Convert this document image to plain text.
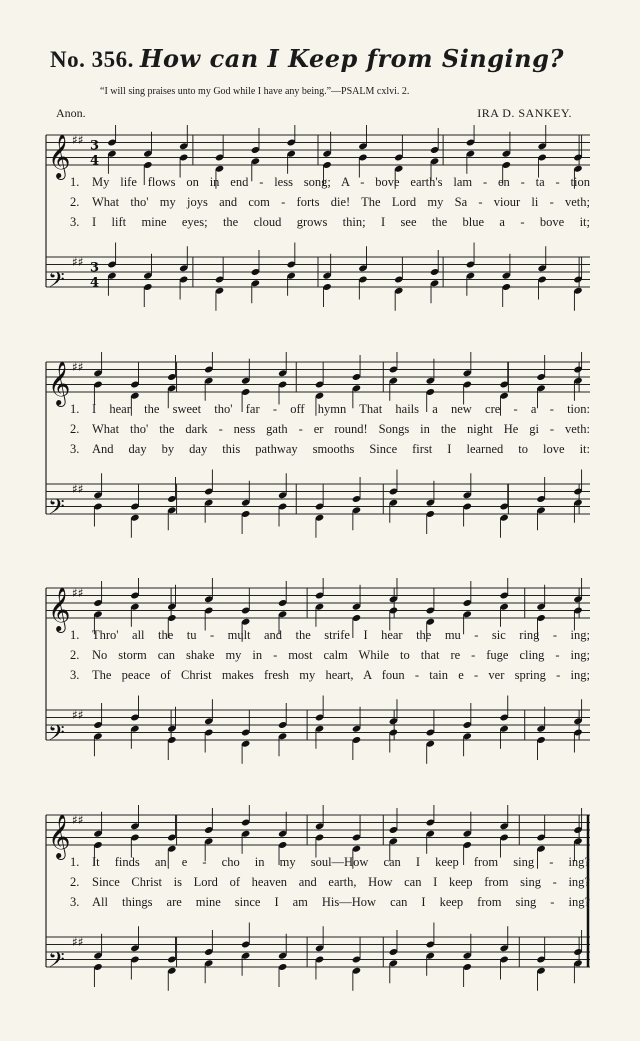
No. 356. How can I Keep from Singing?
“I will sing praises unto my God while I have any being.”—PSALM cxlvi. 2.
Anon.	IRA D. SANKEY.
𝄞 ♯♯ 3
4
𝄢
♯♯ 3
4
1.	My life flows on in end - less song; A - bove earth's lam - en - ta - tion
2.	What tho' my joys and com - forts die! The Lord my Sa - viour li - veth;
3.	I lift mine eyes; the cloud grows thin; I see the blue a - bove it;
𝄞 ♯♯
𝄢
♯♯
1.	I hear the sweet tho' far - off hymn That hails a new cre - a - tion:
2.	What tho' the dark - ness gath - er round! Songs in the night He gi - veth:
3.	And day by day this pathway smooths Since first I learned to love it:
𝄞 ♯♯
𝄢
♯♯
1.	Thro' all the tu - mult and the strife I hear the mu - sic ring - ing;
2.	No storm can shake my in - most calm While to that re - fuge cling - ing;
3.	The peace of Christ makes fresh my heart, A foun - tain e - ver spring - ing;
𝄞 ♯♯
𝄢
♯♯
1.	It finds an e - cho in my soul—How can I keep from sing - ing?
2.	Since Christ is Lord of heaven and earth, How can I keep from sing - ing?
3.	All things are mine since I am His—How can I keep from sing - ing?
